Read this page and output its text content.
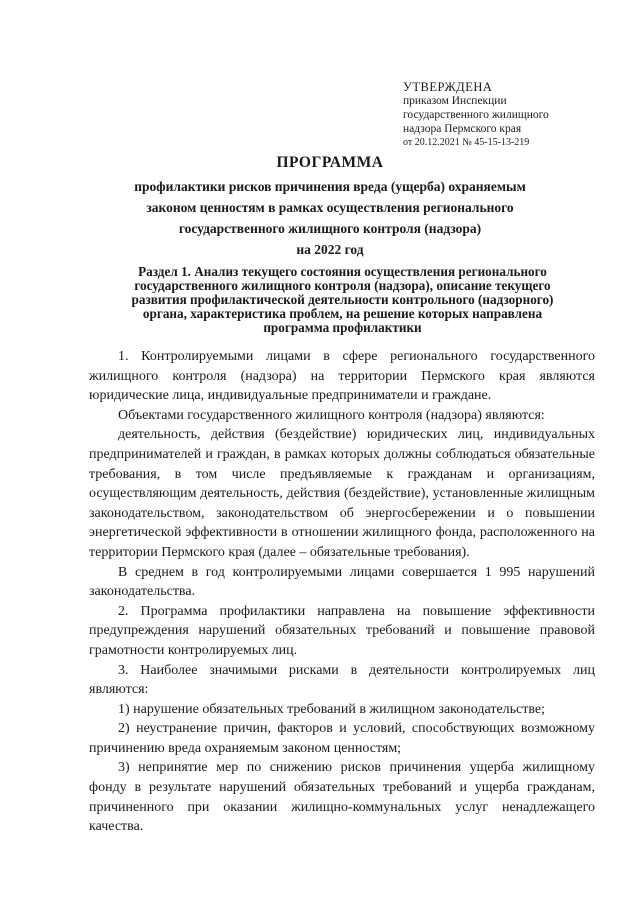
УТВЕРЖДЕНА
приказом Инспекции
государственного жилищного
надзора Пермского края
от 20.12.2021 № 45-15-13-219
ПРОГРАММА
профилактики рисков причинения вреда (ущерба) охраняемым
законом ценностям в рамках осуществления регионального
государственного жилищного контроля (надзора)
на 2022 год
Раздел 1. Анализ текущего состояния осуществления регионального
государственного жилищного контроля (надзора), описание текущего
развития профилактической деятельности контрольного (надзорного)
органа, характеристика проблем, на решение которых направлена
программа профилактики

1. Контролируемыми лицами в сфере регионального государственного жилищного контроля (надзора) на территории Пермского края являются юридические лица, индивидуальные предприниматели и граждане.

Объектами государственного жилищного контроля (надзора) являются:

деятельность, действия (бездействие) юридических лиц, индивидуальных предпринимателей и граждан, в рамках которых должны соблюдаться обязательные требования, в том числе предъявляемые к гражданам и организациям, осуществляющим деятельность, действия (бездействие), установленные жилищным законодательством, законодательством об энергосбережении и о повышении энергетической эффективности в отношении жилищного фонда, расположенного на территории Пермского края (далее – обязательные требования).

В среднем в год контролируемыми лицами совершается 1 995 нарушений законодательства.

2. Программа профилактики направлена на повышение эффективности предупреждения нарушений обязательных требований и повышение правовой грамотности контролируемых лиц.

3. Наиболее значимыми рисками в деятельности контролируемых лиц являются:

1) нарушение обязательных требований в жилищном законодательстве;

2) неустранение причин, факторов и условий, способствующих возможному причинению вреда охраняемым законом ценностям;

3) непринятие мер по снижению рисков причинения ущерба жилищному фонду в результате нарушений обязательных требований и ущерба гражданам, причиненного при оказании жилищно-коммунальных услуг ненадлежащего качества.
